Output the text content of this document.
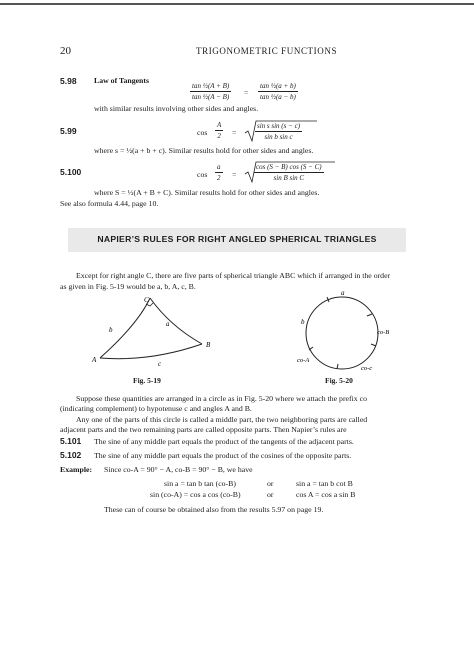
20	TRIGONOMETRIC FUNCTIONS
5.98 Law of Tangents
$\frac{\text{tan ½(A + B)}}{\text{tan ½(A − B)}} = \frac{\text{tan ½(a + b)}}{\text{tan ½(a − b)}}$
with similar results involving other sides and angles.
5.99	$\cos \frac{A}{2}$ =	$\frac{\text{sin s sin (s − c)}}{\text{sin b sin c}}$
where s = ½(a + b + c). Similar results hold for other sides and angles.
5.100	$\cos \frac{a}{2}$ =	$\frac{\cos (S - B) \cos (S - C)}{\text{sin B sin C}}$
where S = ½(A + B + C). Similar results hold for other sides and angles.
See also formula 4.44, page 10.
NAPIER’S RULES FOR RIGHT ANGLED SPHERICAL TRIANGLES
Except for right angle C, there are five parts of spherical triangle ABC which if arranged in the order
as given in Fig. 5-19 would be a, b, A, c, B.
C
a
b
A
B
c
Fig. 5-19
a
b
co-B
co-A
co-c
Fig. 5-20
Suppose these quantities are arranged in a circle as in Fig. 5-20 where we attach the prefix co
(indicating complement) to hypotenuse c and angles A and B.
Any one of the parts of this circle is called a middle part, the two neighboring parts are called
adjacent parts and the two remaining parts are called opposite parts. Then Napier’s rules are
5.101 The sine of any middle part equals the product of the tangents of the adjacent parts.
5.102 The sine of any middle part equals the product of the cosines of the opposite parts.
Example: Since co-A = 90° − A, co-B = 90° − B, we have
sin a = tan b tan (co-B)	or	sin a = tan b cot B
sin (co-A) = cos a cos (co-B)	or	cos A = cos a sin B
These can of course be obtained also from the results 5.97 on page 19.
